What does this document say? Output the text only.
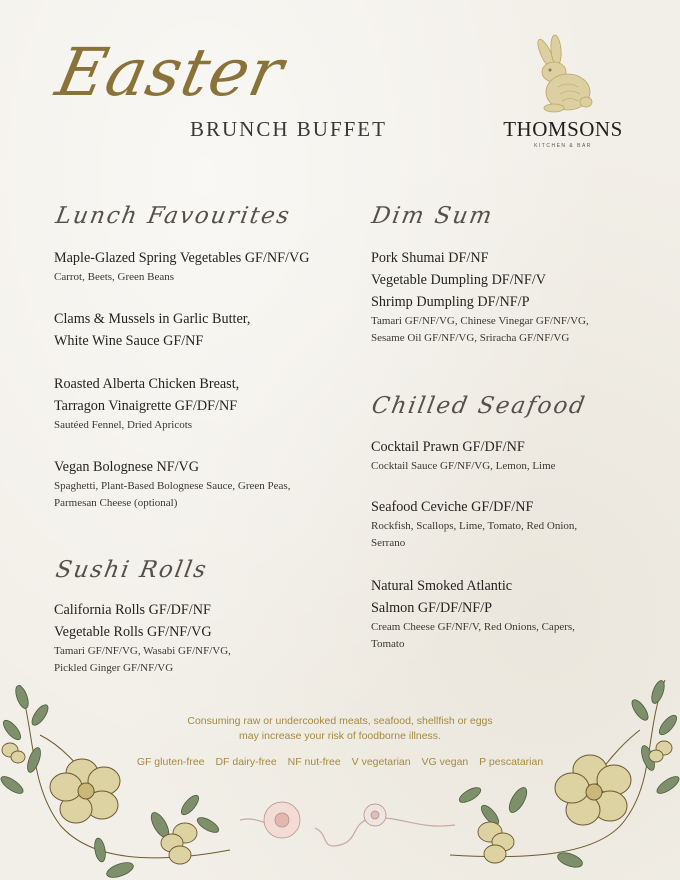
Easter
BRUNCH BUFFET	THOMSONS
KITCHEN & BAR
Lunch Favourites
Maple-Glazed Spring Vegetables GF/NF/VG
Carrot, Beets, Green Beans
Clams & Mussels in Garlic Butter,
White Wine Sauce GF/NF
Roasted Alberta Chicken Breast,
Tarragon Vinaigrette GF/DF/NF
Sautéed Fennel, Dried Apricots
Vegan Bolognese NF/VG
Spaghetti, Plant-Based Bolognese Sauce, Green Peas,
Parmesan Cheese (optional)
Sushi Rolls
California Rolls GF/DF/NF
Vegetable Rolls GF/NF/VG
Tamari GF/NF/VG, Wasabi GF/NF/VG,
Pickled Ginger GF/NF/VG
Dim Sum
Pork Shumai DF/NF
Vegetable Dumpling DF/NF/V
Shrimp Dumpling DF/NF/P
Tamari GF/NF/VG, Chinese Vinegar GF/NF/VG,
Sesame Oil GF/NF/VG, Sriracha GF/NF/VG
Chilled Seafood
Cocktail Prawn GF/DF/NF
Cocktail Sauce GF/NF/VG, Lemon, Lime
Seafood Ceviche GF/DF/NF
Rockfish, Scallops, Lime, Tomato, Red Onion,
Serrano
Natural Smoked Atlantic
Salmon GF/DF/NF/P
Cream Cheese GF/NF/V, Red Onions, Capers,
Tomato
Consuming raw or undercooked meats, seafood, shellfish or eggs
may increase your risk of foodborne illness.
GF gluten-free DF dairy-free NF nut-free V vegetarian VG vegan P pescatarian
